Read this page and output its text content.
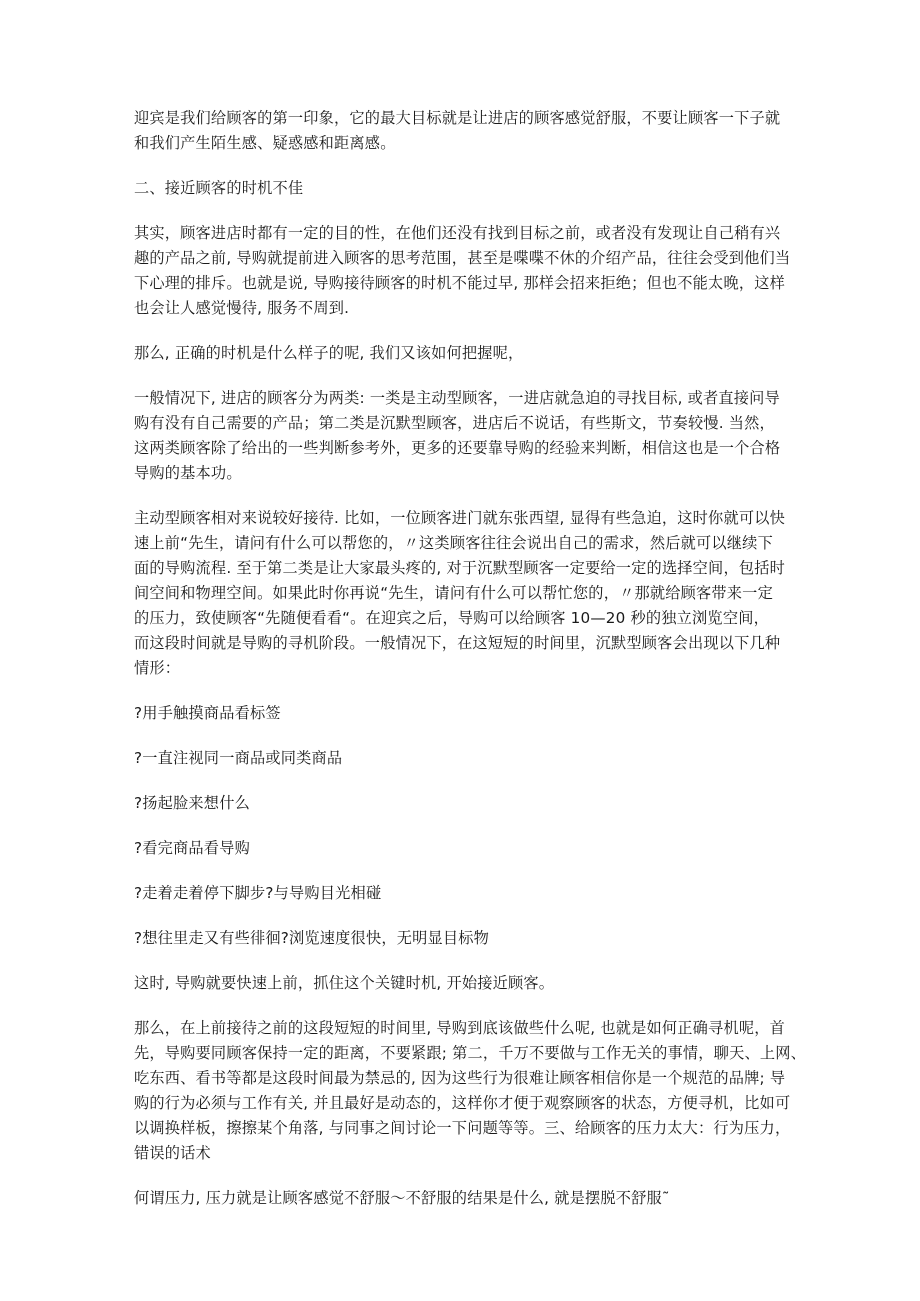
迎宾是我们给顾客的第一印象，它的最大目标就是让进店的顾客感觉舒服，不要让顾客一下子就
和我们产生陌生感、疑惑感和距离感。

二、接近顾客的时机不佳

其实，顾客进店时都有一定的目的性，在他们还没有找到目标之前，或者没有发现让自己稍有兴
趣的产品之前, 导购就提前进入顾客的思考范围，甚至是喋喋不休的介绍产品，往往会受到他们当
下心理的排斥。也就是说, 导购接待顾客的时机不能过早, 那样会招来拒绝；但也不能太晚，这样
也会让人感觉慢待, 服务不周到.

那么, 正确的时机是什么样子的呢, 我们又该如何把握呢，

一般情况下, 进店的顾客分为两类: 一类是主动型顾客，一进店就急迫的寻找目标, 或者直接问导
购有没有自己需要的产品；第二类是沉默型顾客，进店后不说话，有些斯文，节奏较慢. 当然，
这两类顾客除了给出的一些判断参考外，更多的还要靠导购的经验来判断，相信这也是一个合格
导购的基本功。

主动型顾客相对来说较好接待. 比如，一位顾客进门就东张西望, 显得有些急迫，这时你就可以快
速上前“先生，请问有什么可以帮您的，〃这类顾客往往会说出自己的需求，然后就可以继续下
面的导购流程. 至于第二类是让大家最头疼的, 对于沉默型顾客一定要给一定的选择空间，包括时
间空间和物理空间。如果此时你再说“先生，请问有什么可以帮忙您的，〃那就给顾客带来一定
的压力，致使顾客“先随便看看“。在迎宾之后，导购可以给顾客 10—20 秒的独立浏览空间，
而这段时间就是导购的寻机阶段。一般情况下，在这短短的时间里，沉默型顾客会出现以下几种
情形：

?用手触摸商品看标签

?一直注视同一商品或同类商品

?扬起脸来想什么

?看完商品看导购

?走着走着停下脚步?与导购目光相碰

?想往里走又有些徘徊?浏览速度很快，无明显目标物

这时, 导购就要快速上前，抓住这个关键时机, 开始接近顾客。

那么，在上前接待之前的这段短短的时间里, 导购到底该做些什么呢, 也就是如何正确寻机呢，首
先，导购要同顾客保持一定的距离，不要紧跟; 第二，千万不要做与工作无关的事情，聊天、上网、
吃东西、看书等都是这段时间最为禁忌的, 因为这些行为很难让顾客相信你是一个规范的品牌; 导
购的行为必须与工作有关, 并且最好是动态的，这样你才便于观察顾客的状态，方便寻机，比如可
以调换样板，擦擦某个角落, 与同事之间讨论一下问题等等。三、给顾客的压力太大：行为压力，
错误的话术

何谓压力, 压力就是让顾客感觉不舒服～不舒服的结果是什么, 就是摆脱不舒服˜
